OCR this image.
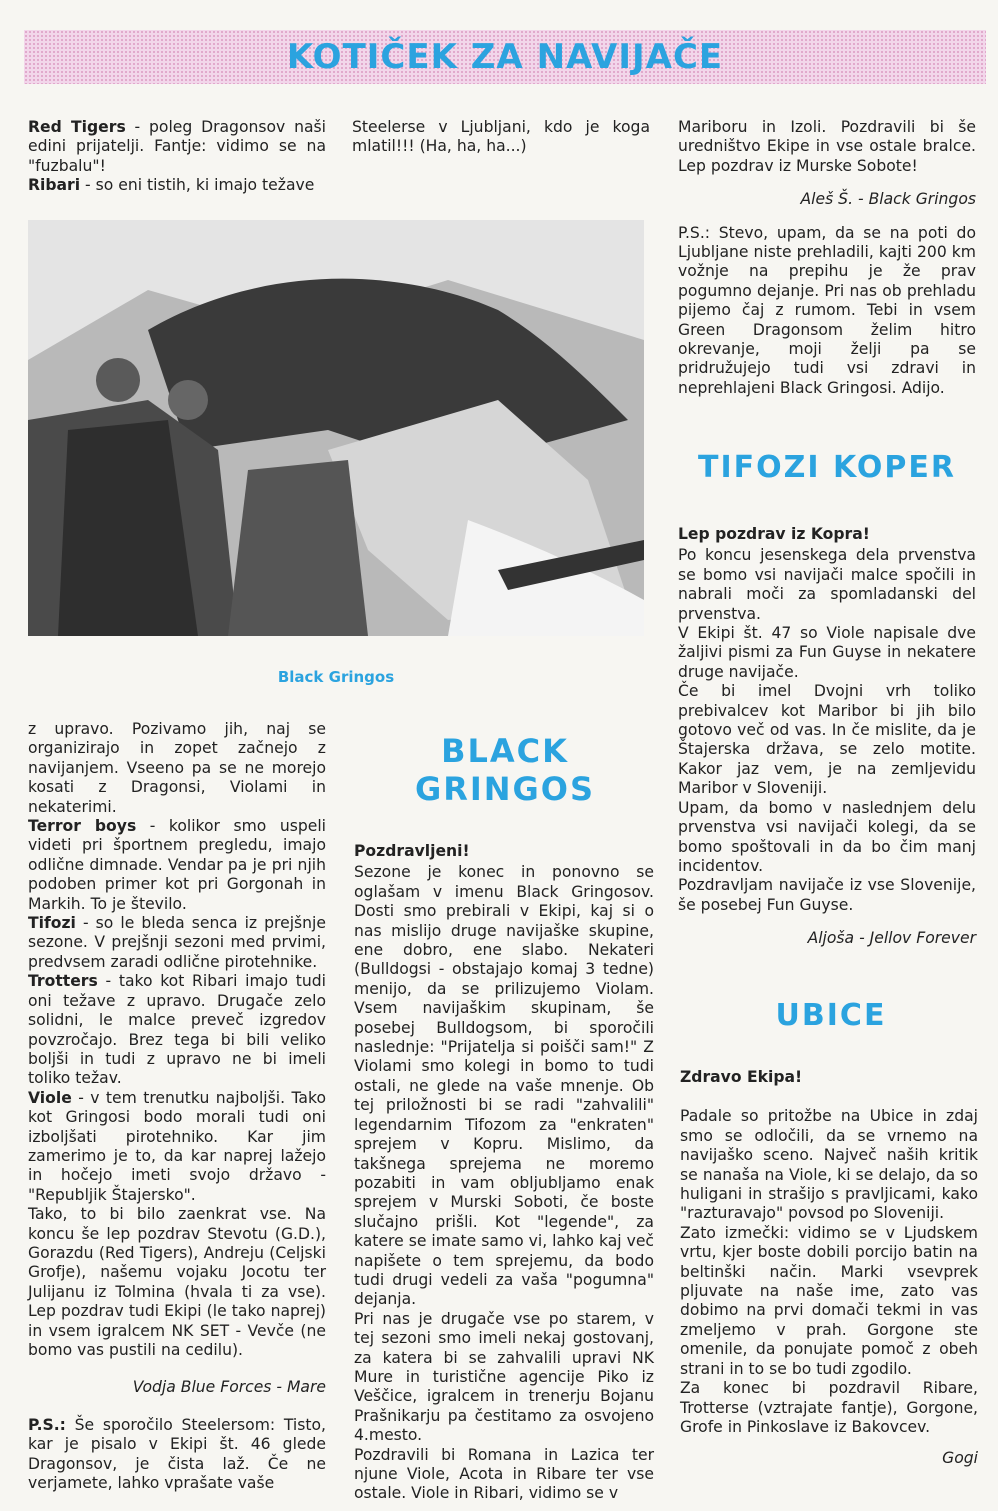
KOTIČEK ZA NAVIJAČE

Red Tigers - poleg Dragonsov naši edini prijatelji. Fantje: vidimo se na "fuzbalu"!

Ribari - so eni tistih, ki imajo težave

Steelerse v Ljubljani, kdo je koga mlatil!!! (Ha, ha, ha...)

Black Gringos

z upravo. Pozivamo jih, naj se organizirajo in zopet začnejo z navijanjem. Vseeno pa se ne morejo kosati z Dragonsi, Violami in nekaterimi.

Terror boys - kolikor smo uspeli videti pri športnem pregledu, imajo odlične dimnade. Vendar pa je pri njih podoben primer kot pri Gorgonah in Markih. To je število.

Tifozi - so le bleda senca iz prejšnje sezone. V prejšnji sezoni med prvimi, predvsem zaradi odlične pirotehnike.

Trotters - tako kot Ribari imajo tudi oni težave z upravo. Drugače zelo solidni, le malce preveč izgredov povzročajo. Brez tega bi bili veliko boljši in tudi z upravo ne bi imeli toliko težav.

Viole - v tem trenutku najboljši. Tako kot Gringosi bodo morali tudi oni izboljšati pirotehniko. Kar jim zamerimo je to, da kar naprej lažejo in hočejo imeti svojo državo - "Republjik Štajersko".

Tako, to bi bilo zaenkrat vse. Na koncu še lep pozdrav Stevotu (G.D.), Gorazdu (Red Tigers), Andreju (Celjski Grofje), našemu vojaku Jocotu ter Julijanu iz Tolmina (hvala ti za vse). Lep pozdrav tudi Ekipi (le tako naprej) in vsem igralcem NK SET - Vevče (ne bomo vas pustili na cedilu).

Vodja Blue Forces - Mare

P.S.: Še sporočilo Steelersom: Tisto, kar je pisalo v Ekipi št. 46 glede Dragonsov, je čista laž. Če ne verjamete, lahko vprašate vaše

BLACK
GRINGOS

Pozdravljeni!

Sezone je konec in ponovno se oglašam v imenu Black Gringosov. Dosti smo prebirali v Ekipi, kaj si o nas mislijo druge navijaške skupine, ene dobro, ene slabo. Nekateri (Bulldogsi - obstajajo komaj 3 tedne) menijo, da se prilizujemo Violam. Vsem navijaškim skupinam, še posebej Bulldogsom, bi sporočili naslednje: "Prijatelja si poišči sam!" Z Violami smo kolegi in bomo to tudi ostali, ne glede na vaše mnenje. Ob tej priložnosti bi se radi "zahvalili" legendarnim Tifozom za "enkraten" sprejem v Kopru. Mislimo, da takšnega sprejema ne moremo pozabiti in vam obljubljamo enak sprejem v Murski Soboti, če boste slučajno prišli. Kot "legende", za katere se imate samo vi, lahko kaj več napišete o tem sprejemu, da bodo tudi drugi vedeli za vaša "pogumna" dejanja.

Pri nas je drugače vse po starem, v tej sezoni smo imeli nekaj gostovanj, za katera bi se zahvalili upravi NK Mure in turistične agencije Piko iz Veščice, igralcem in trenerju Bojanu Prašnikarju pa čestitamo za osvojeno 4.mesto.

Pozdravili bi Romana in Lazica ter njune Viole, Acota in Ribare ter vse ostale. Viole in Ribari, vidimo se v

Mariboru in Izoli. Pozdravili bi še uredništvo Ekipe in vse ostale bralce. Lep pozdrav iz Murske Sobote!

Aleš Š. - Black Gringos

P.S.: Stevo, upam, da se na poti do Ljubljane niste prehladili, kajti 200 km vožnje na prepihu je že prav pogumno dejanje. Pri nas ob prehladu pijemo čaj z rumom. Tebi in vsem Green Dragonsom želim hitro okrevanje, moji želji pa se pridružujejo tudi vsi zdravi in neprehlajeni Black Gringosi. Adijo.

TIFOZI KOPER

Lep pozdrav iz Kopra!

Po koncu jesenskega dela prvenstva se bomo vsi navijači malce spočili in nabrali moči za spomladanski del prvenstva.

V Ekipi št. 47 so Viole napisale dve žaljivi pismi za Fun Guyse in nekatere druge navijače.

Če bi imel Dvojni vrh toliko prebivalcev kot Maribor bi jih bilo gotovo več od vas. In če mislite, da je Štajerska država, se zelo motite. Kakor jaz vem, je na zemljevidu Maribor v Sloveniji.

Upam, da bomo v naslednjem delu prvenstva vsi navijači kolegi, da se bomo spoštovali in da bo čim manj incidentov.

Pozdravljam navijače iz vse Slovenije, še posebej Fun Guyse.

Aljoša - Jellov Forever

UBICE

Zdravo Ekipa!

Padale so pritožbe na Ubice in zdaj smo se odločili, da se vrnemo na navijaško sceno. Največ naših kritik se nanaša na Viole, ki se delajo, da so huligani in strašijo s pravljicami, kako "razturavajo" povsod po Sloveniji.

Zato izmečki: vidimo se v Ljudskem vrtu, kjer boste dobili porcijo batin na beltinški način. Marki vsevprek pljuvate na naše ime, zato vas dobimo na prvi domači tekmi in vas zmeljemo v prah. Gorgone ste omenile, da ponujate pomoč z obeh strani in to se bo tudi zgodilo.

Za konec bi pozdravil Ribare, Trotterse (vztrajate fantje), Gorgone, Grofe in Pinkoslave iz Bakovcev.

Gogi
